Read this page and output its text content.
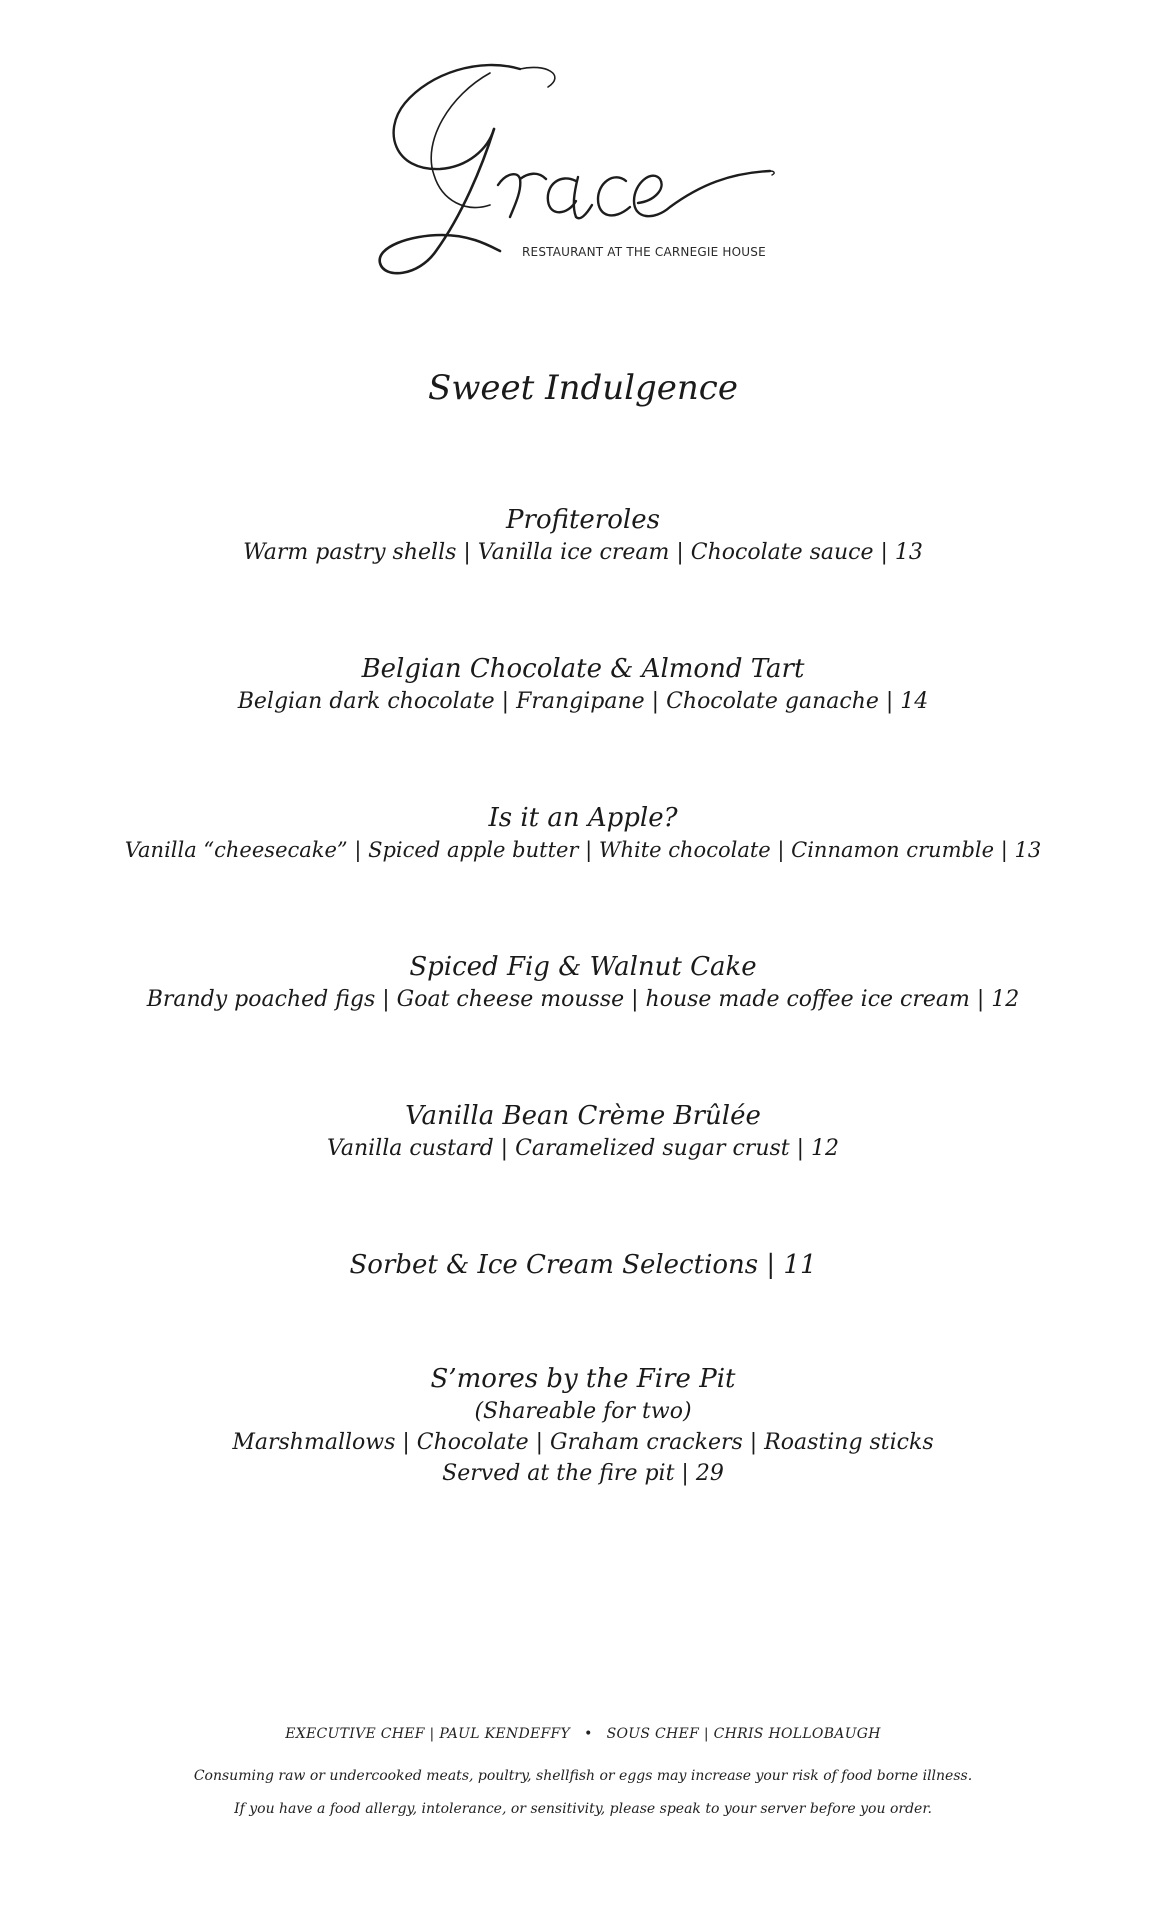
RESTAURANT AT THE CARNEGIE HOUSE
Sweet Indulgence
Profiteroles
Warm pastry shells | Vanilla ice cream | Chocolate sauce | 13
Belgian Chocolate & Almond Tart
Belgian dark chocolate | Frangipane | Chocolate ganache | 14
Is it an Apple?
Vanilla “cheesecake” | Spiced apple butter | White chocolate | Cinnamon crumble | 13
Spiced Fig & Walnut Cake
Brandy poached figs | Goat cheese mousse | house made coffee ice cream | 12
Vanilla Bean Crème Brûlée
Vanilla custard | Caramelized sugar crust | 12
Sorbet & Ice Cream Selections | 11
S’mores by the Fire Pit
(Shareable for two)
Marshmallows | Chocolate | Graham crackers | Roasting sticks
Served at the fire pit | 29
EXECUTIVE CHEF | PAUL KENDEFFY • SOUS CHEF | CHRIS HOLLOBAUGH
Consuming raw or undercooked meats, poultry, shellfish or eggs may increase your risk of food borne illness.
If you have a food allergy, intolerance, or sensitivity, please speak to your server before you order.
